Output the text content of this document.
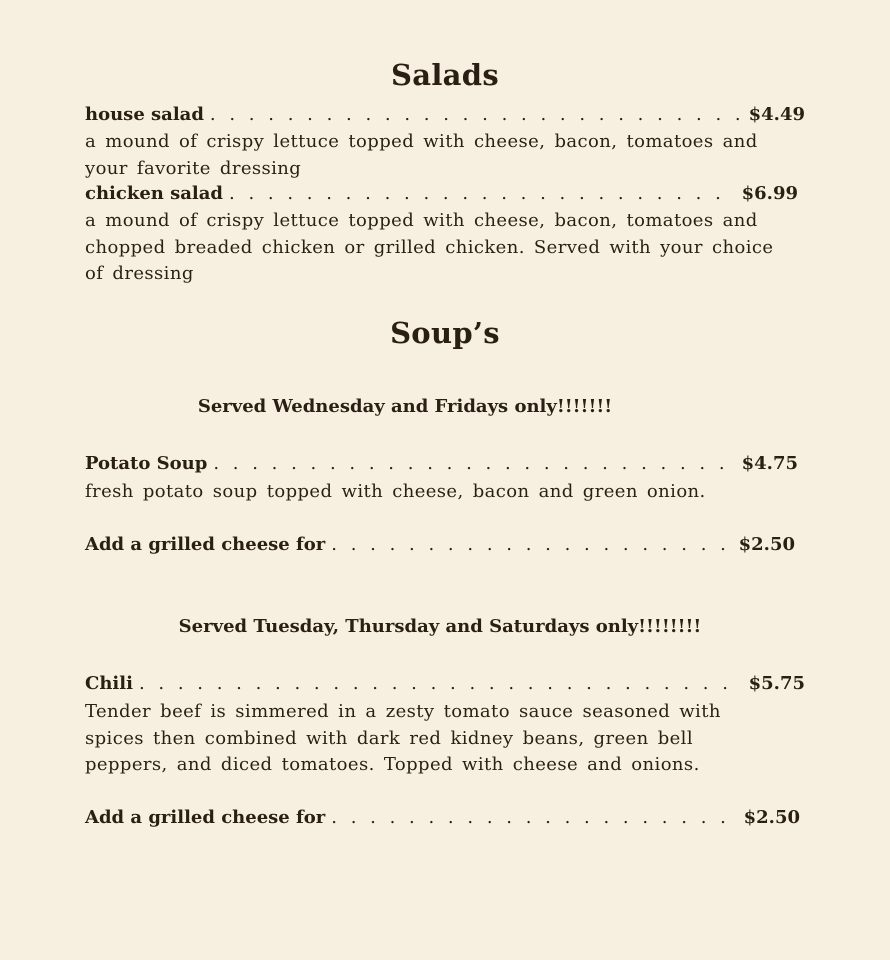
Salads
house salad . . .	$4.49
a mound of crispy lettuce topped with cheese, bacon, tomatoes and your favorite dressing
chicken salad . . .	$6.99
a mound of crispy lettuce topped with cheese, bacon, tomatoes and chopped breaded chicken or grilled chicken. Served with your choice of dressing
Soup’s
Served Wednesday and Fridays only!!!!!!!
Potato Soup . . .	$4.75
fresh potato soup topped with cheese, bacon and green onion.
Add a grilled cheese for . . .	$2.50
Served Tuesday, Thursday and Saturdays only!!!!!!!!
Chili . . .	$5.75
Tender beef is simmered in a zesty tomato sauce seasoned with spices then combined with dark red kidney beans, green bell peppers, and diced tomatoes. Topped with cheese and onions.
Add a grilled cheese for . . .	$2.50
